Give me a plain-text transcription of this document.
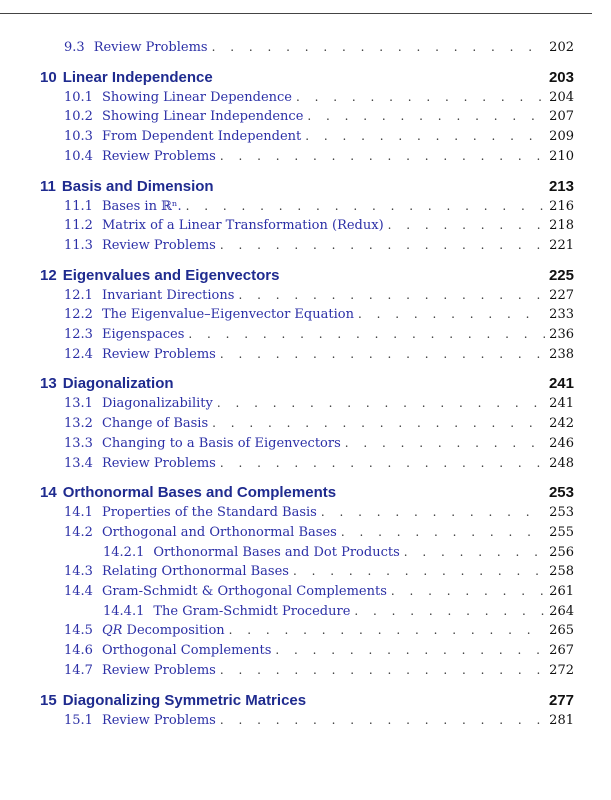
9.3 Review Problems . . .	202
10 Linear Independence	203
10.1 Showing Linear Dependence . . .	204
10.2 Showing Linear Independence . . .	207
10.3 From Dependent Independent . . .	209
10.4 Review Problems . . .	210
11 Basis and Dimension	213
11.1 Bases in ℝⁿ. . . .	216
11.2 Matrix of a Linear Transformation (Redux) . . .	218
11.3 Review Problems . . .	221
12 Eigenvalues and Eigenvectors	225
12.1 Invariant Directions . . .	227
12.2 The Eigenvalue–Eigenvector Equation . . .	233
12.3 Eigenspaces . . .	236
12.4 Review Problems . . .	238
13 Diagonalization	241
13.1 Diagonalizability . . .	241
13.2 Change of Basis . . .	242
13.3 Changing to a Basis of Eigenvectors . . .	246
13.4 Review Problems . . .	248
14 Orthonormal Bases and Complements	253
14.1 Properties of the Standard Basis . . .	253
14.2 Orthogonal and Orthonormal Bases . . .	255
14.2.1 Orthonormal Bases and Dot Products . . .	256
14.3 Relating Orthonormal Bases . . .	258
14.4 Gram-Schmidt & Orthogonal Complements . . .	261
14.4.1 The Gram-Schmidt Procedure . . .	264
14.5 QR Decomposition . . .	265
14.6 Orthogonal Complements . . .	267
14.7 Review Problems . . .	272
15 Diagonalizing Symmetric Matrices	277
15.1 Review Problems . . .	281
